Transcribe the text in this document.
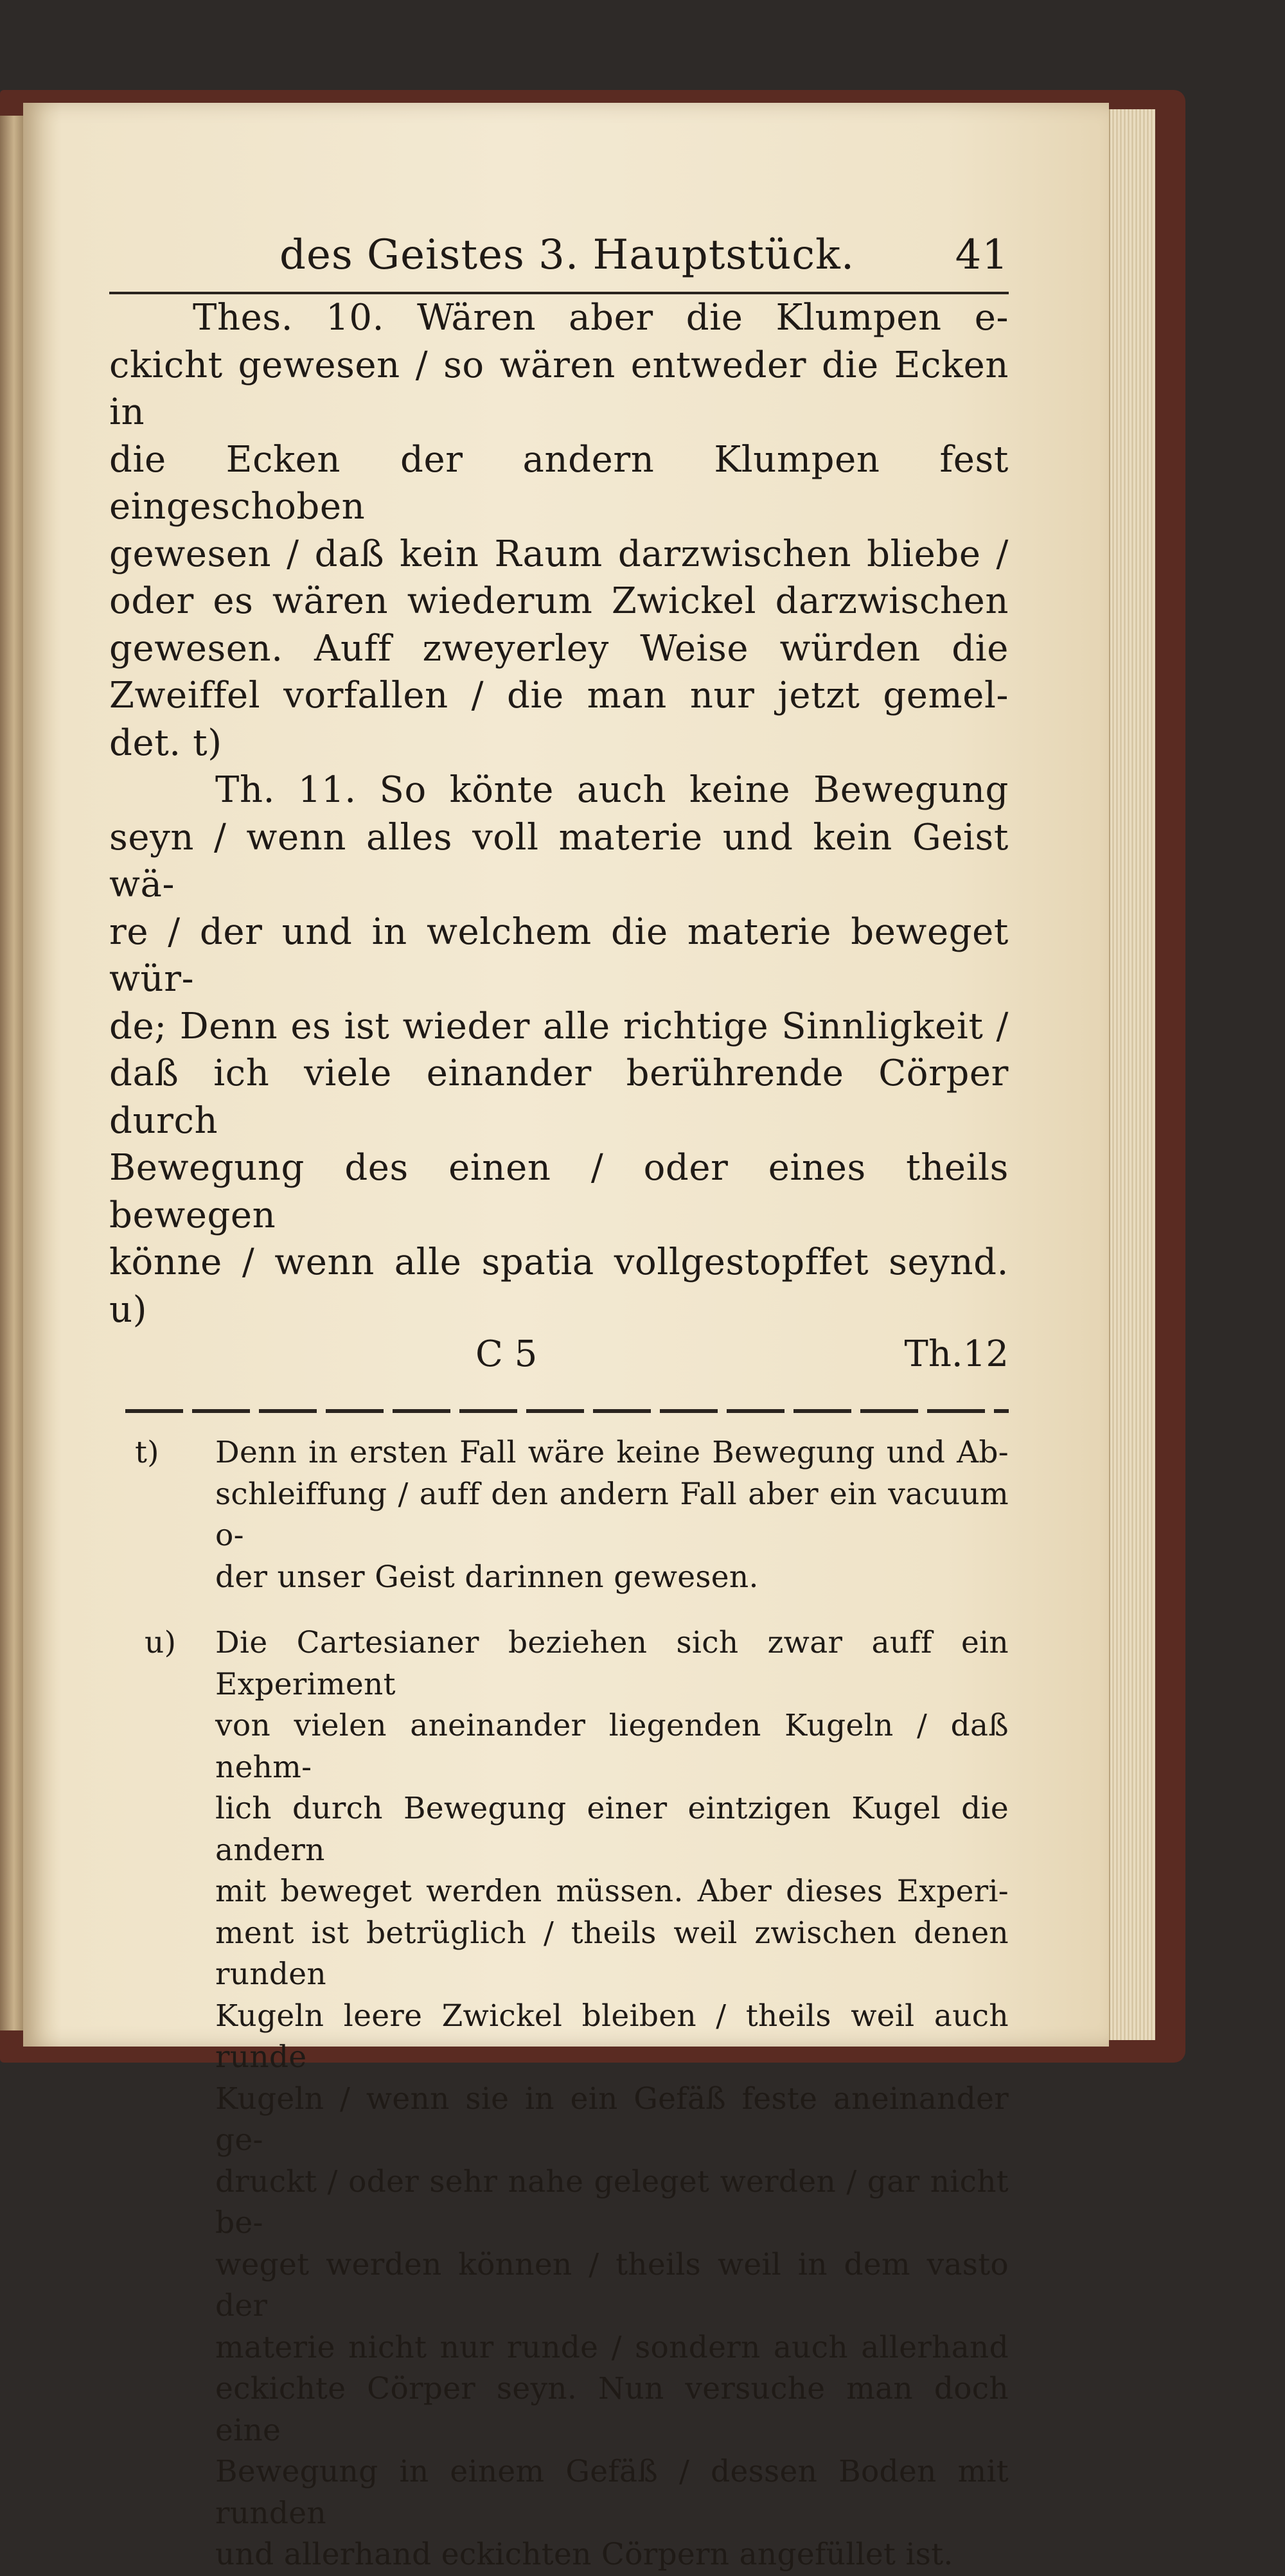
des Geistes 3. Hauptstück. 41

Thes. 10. Wären aber die Klumpen e-

ckicht gewesen / so wären entweder die Ecken in

die Ecken der andern Klumpen fest eingeschoben

gewesen / daß kein Raum darzwischen bliebe /

oder es wären wiederum Zwickel darzwischen

gewesen. Auff zweyerley Weise würden die

Zweiffel vorfallen / die man nur jetzt gemel-

det. t)

Th. 11. So könte auch keine Bewegung

seyn / wenn alles voll materie und kein Geist wä-

re / der und in welchem die materie beweget wür-

de; Denn es ist wieder alle richtige Sinnligkeit /

daß ich viele einander berührende Cörper durch

Bewegung des einen / oder eines theils bewegen

könne / wenn alle spatia vollgestopffet seynd. u)

C 5	Th.12
t) Denn in ersten Fall wäre keine Bewegung und Ab-
schleiffung / auff den andern Fall aber ein vacuum o-
der unser Geist darinnen gewesen.
u) Die Cartesianer beziehen sich zwar auff ein Experiment
von vielen aneinander liegenden Kugeln / daß nehm-
lich durch Bewegung einer eintzigen Kugel die andern
mit beweget werden müssen. Aber dieses Experi-
ment ist betrüglich / theils weil zwischen denen runden
Kugeln leere Zwickel bleiben / theils weil auch runde
Kugeln / wenn sie in ein Gefäß feste aneinander ge-
druckt / oder sehr nahe geleget werden / gar nicht be-
weget werden können / theils weil in dem vasto der
materie nicht nur runde / sondern auch allerhand
eckichte Cörper seyn. Nun versuche man doch eine
Bewegung in einem Gefäß / dessen Boden mit runden
und allerhand eckichten Cörpern angefüllet ist.
